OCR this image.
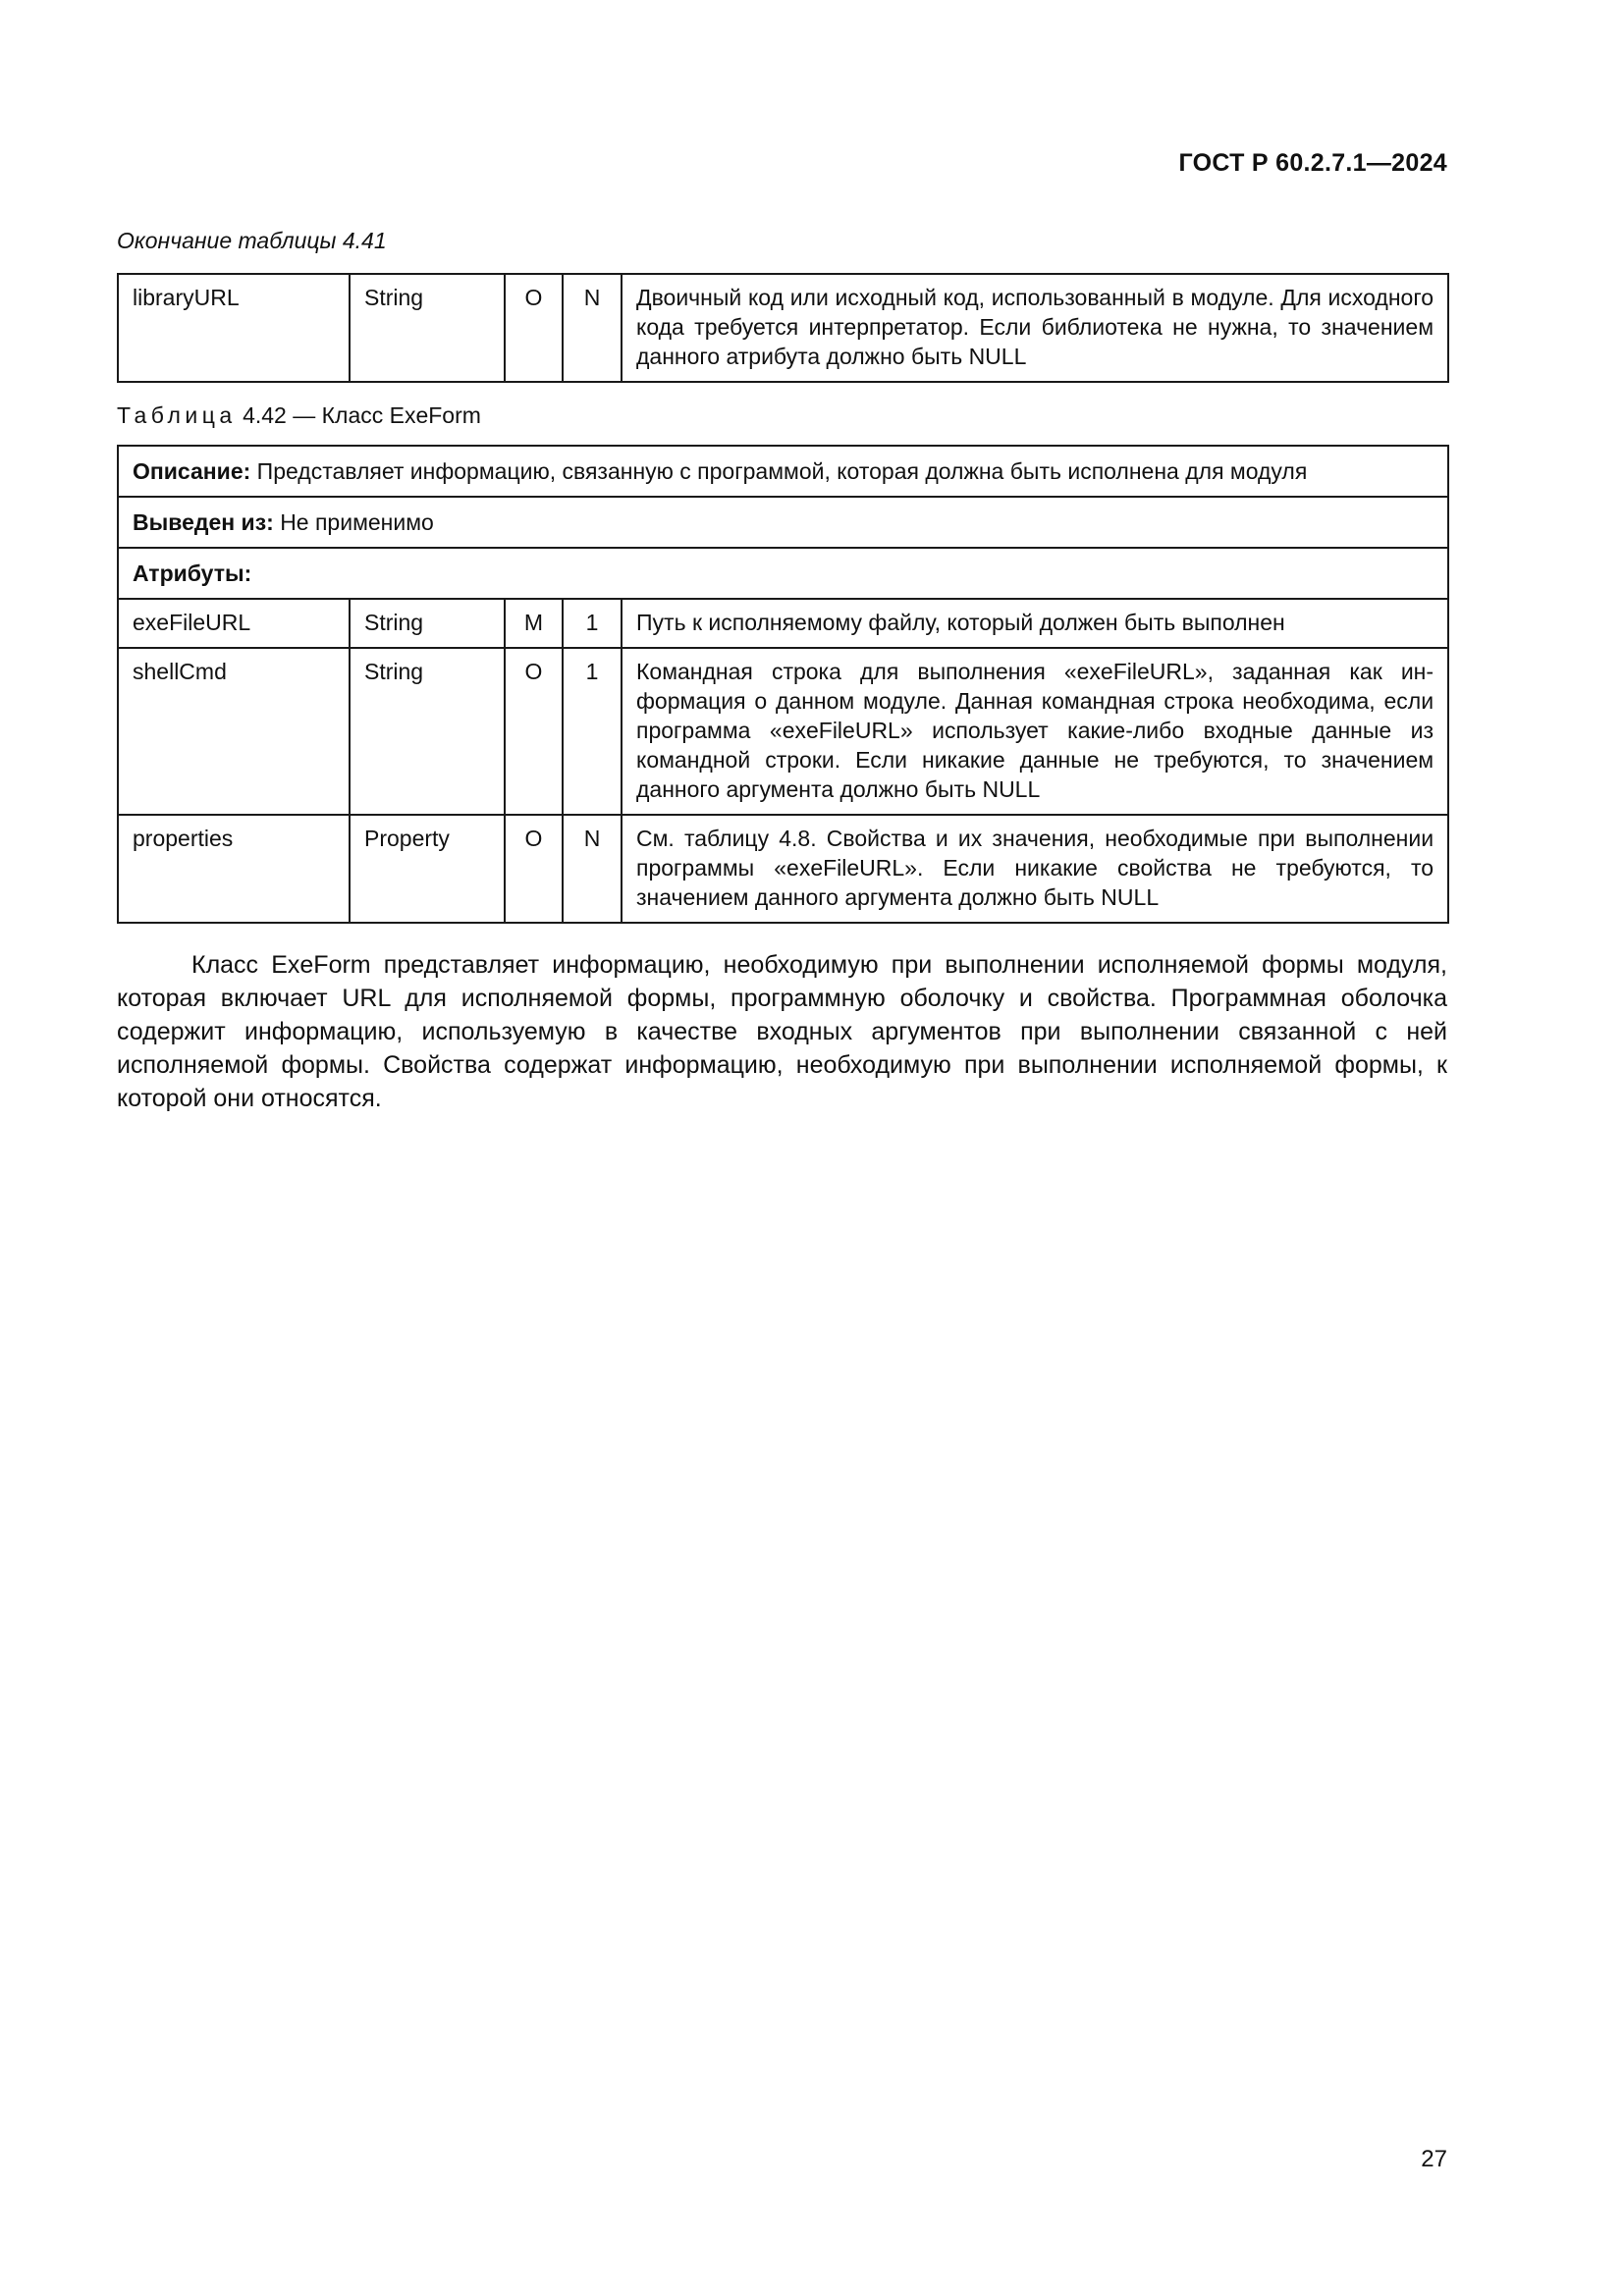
ГОСТ Р 60.2.7.1—2024
Окончание таблицы 4.41
libraryURL	String	O	N	Двоичный код или исходный код, использованный в модуле. Для исходного кода требуется интерпретатор. Если библиотека не нужна, то значением данного атрибута должно быть NULL
Таблица 4.42 — Класс ExeForm
Описание: Представляет информацию, связанную с программой, которая должна быть исполнена для модуля				
Выведен из: Не применимо				
Атрибуты:				
exeFileURL	String	M	1	Путь к исполняемому файлу, который должен быть выполнен
shellCmd	String	O	1	Командная строка для выполнения «exeFileURL», заданная как информация о данном модуле. Данная командная строка необходима, если программа «exeFileURL» использует какие-либо входные данные из командной строки. Если никакие данные не требуются, то значением данного аргумента должно быть NULL
properties	Property	O	N	См. таблицу 4.8. Свойства и их значения, необходимые при выполнении программы «exeFileURL». Если никакие свойства не требуются, то значением данного аргумента должно быть NULL

Класс ExeForm представляет информацию, необходимую при выполнении исполняемой формы модуля, которая включает URL для исполняемой формы, программную оболочку и свойства. Программная оболочка содержит информацию, используемую в качестве входных аргументов при выполнении связанной с ней исполняемой формы. Свойства содержат информацию, необходимую при выполнении исполняемой формы, к которой они относятся.

27
